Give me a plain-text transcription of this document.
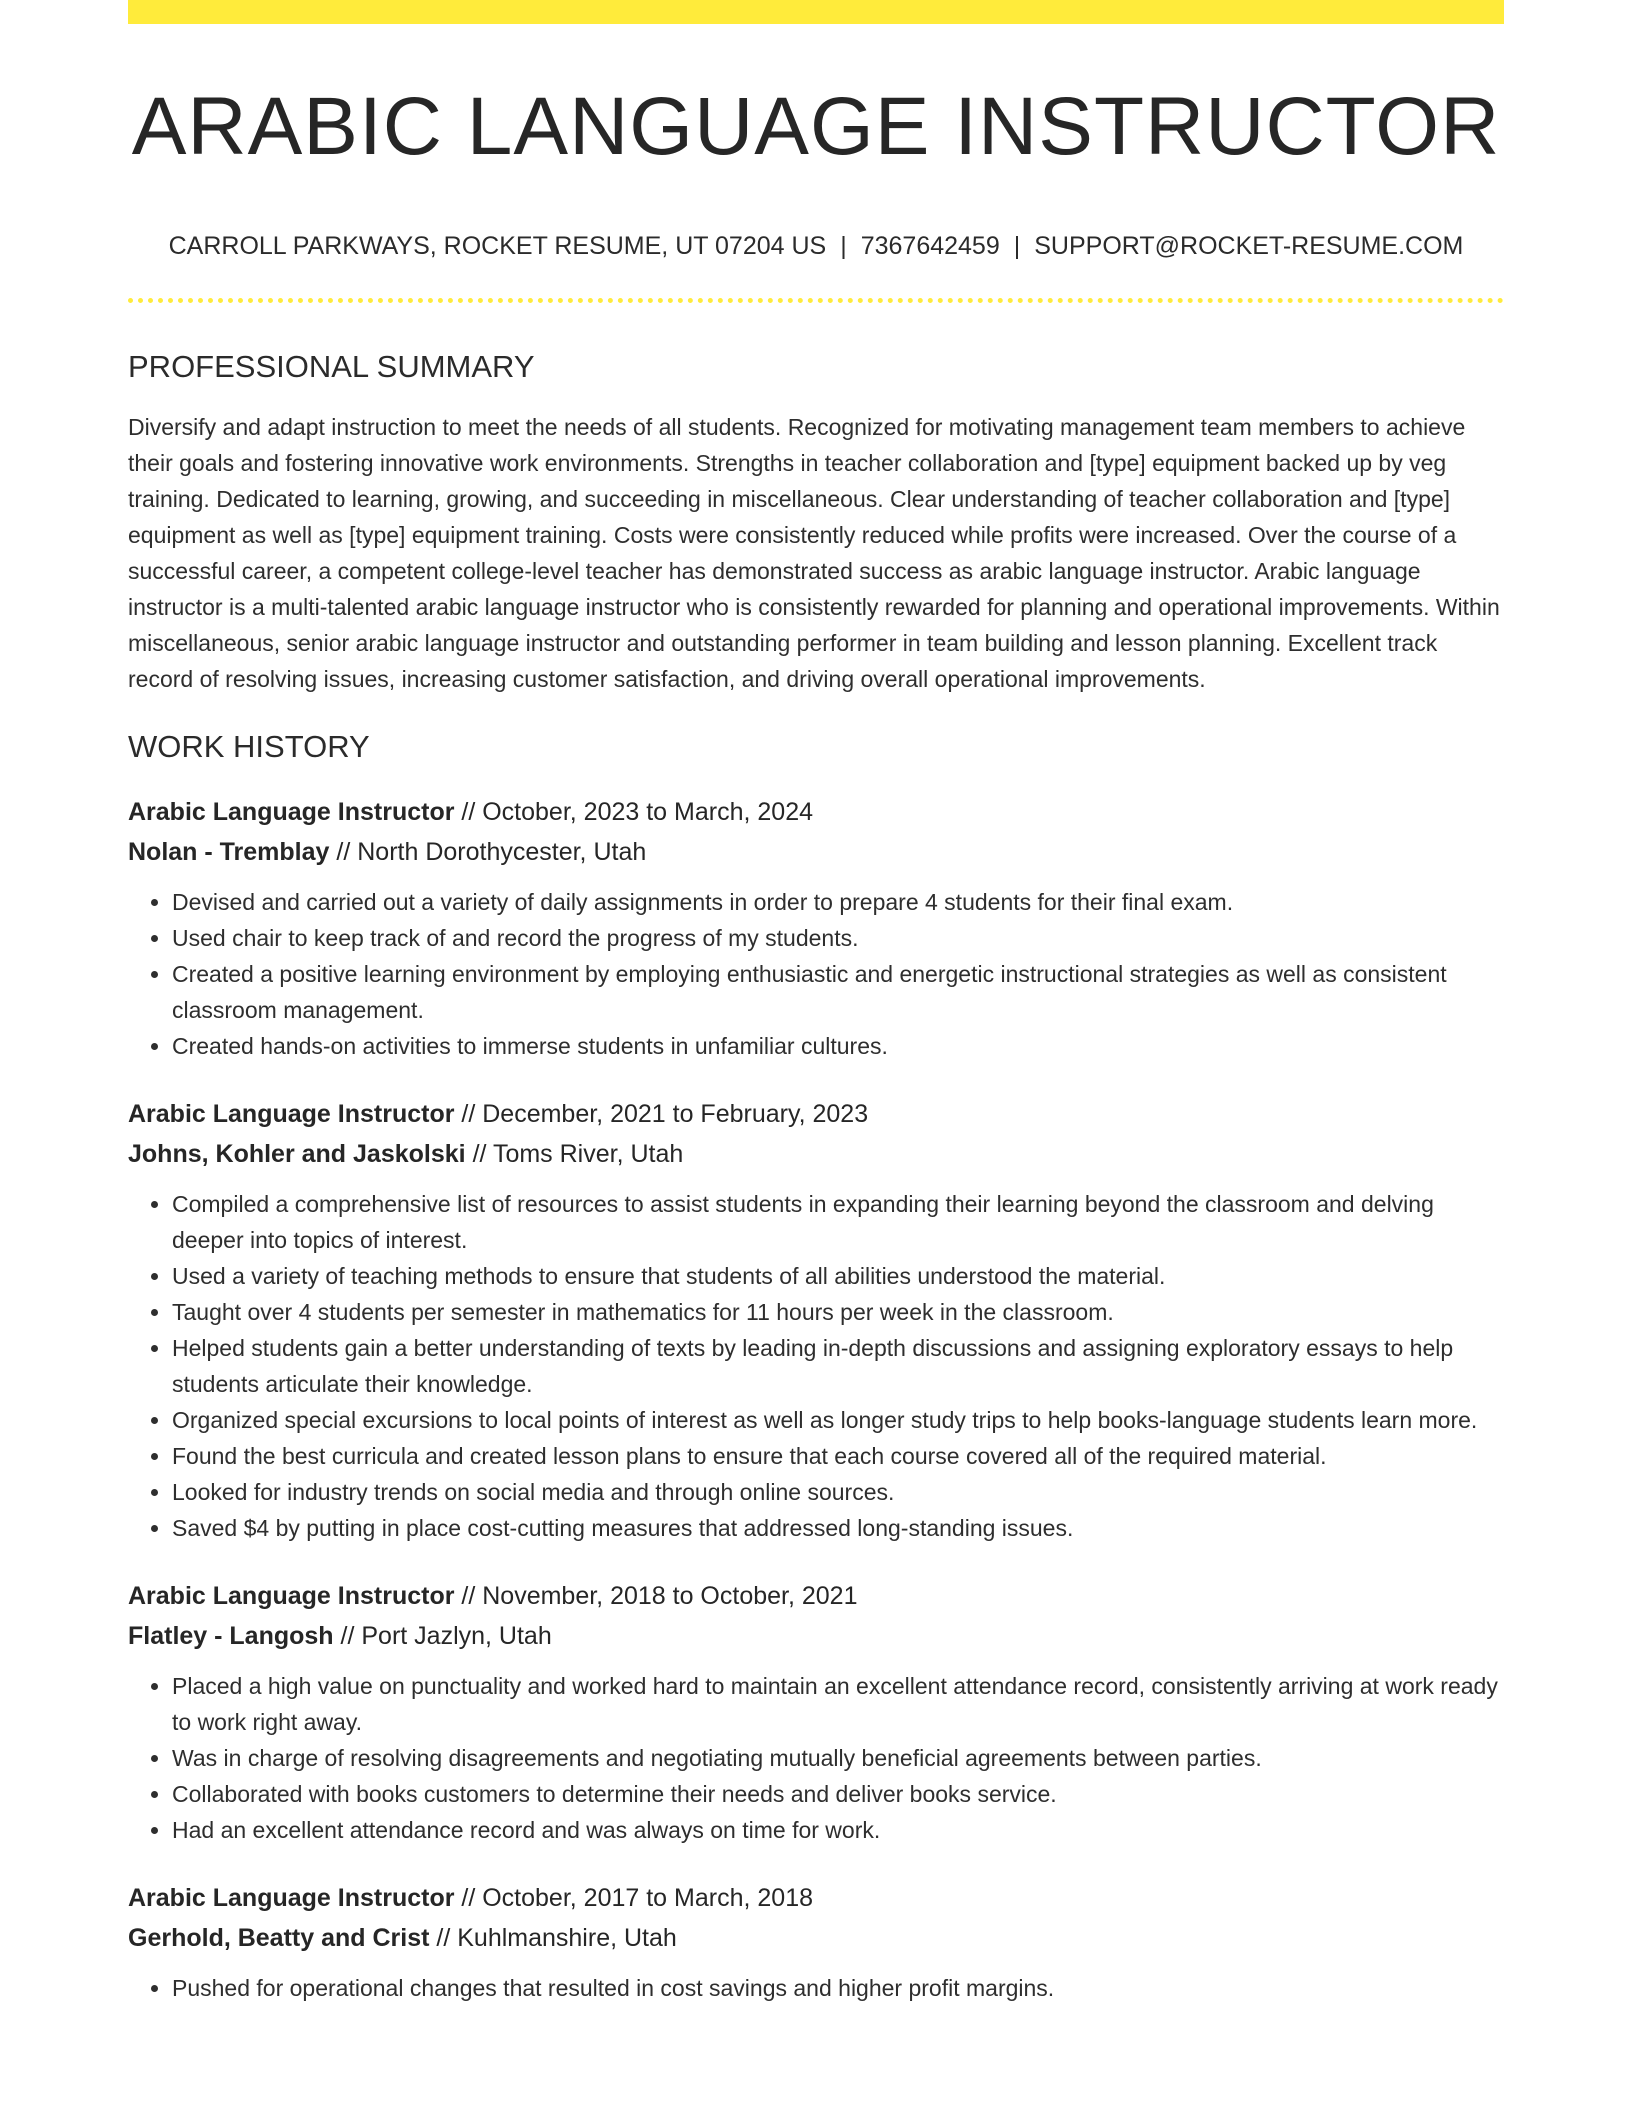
ARABIC LANGUAGE INSTRUCTOR
CARROLL PARKWAYS, ROCKET RESUME, UT 07204 US | 7367642459 | SUPPORT@ROCKET-RESUME.COM
PROFESSIONAL SUMMARY

Diversify and adapt instruction to meet the needs of all students. Recognized for motivating management team members to achieve their goals and fostering innovative work environments. Strengths in teacher collaboration and [type] equipment backed up by veg training. Dedicated to learning, growing, and succeeding in miscellaneous. Clear understanding of teacher collaboration and [type] equipment as well as [type] equipment training. Costs were consistently reduced while profits were increased. Over the course of a successful career, a competent college-level teacher has demonstrated success as arabic language instructor. Arabic language instructor is a multi-talented arabic language instructor who is consistently rewarded for planning and operational improvements. Within miscellaneous, senior arabic language instructor and outstanding performer in team building and lesson planning. Excellent track record of resolving issues, increasing customer satisfaction, and driving overall operational improvements.

WORK HISTORY
Arabic Language Instructor // October, 2023 to March, 2024
Nolan - Tremblay // North Dorothycester, Utah
• Devised and carried out a variety of daily assignments in order to prepare 4 students for their final exam.
• Used chair to keep track of and record the progress of my students.
• Created a positive learning environment by employing enthusiastic and energetic instructional strategies as well as consistent classroom management.
• Created hands-on activities to immerse students in unfamiliar cultures.
Arabic Language Instructor // December, 2021 to February, 2023
Johns, Kohler and Jaskolski // Toms River, Utah
• Compiled a comprehensive list of resources to assist students in expanding their learning beyond the classroom and delving deeper into topics of interest.
• Used a variety of teaching methods to ensure that students of all abilities understood the material.
• Taught over 4 students per semester in mathematics for 11 hours per week in the classroom.
• Helped students gain a better understanding of texts by leading in-depth discussions and assigning exploratory essays to help students articulate their knowledge.
• Organized special excursions to local points of interest as well as longer study trips to help books-language students learn more.
• Found the best curricula and created lesson plans to ensure that each course covered all of the required material.
• Looked for industry trends on social media and through online sources.
• Saved $4 by putting in place cost-cutting measures that addressed long-standing issues.
Arabic Language Instructor // November, 2018 to October, 2021
Flatley - Langosh // Port Jazlyn, Utah
• Placed a high value on punctuality and worked hard to maintain an excellent attendance record, consistently arriving at work ready to work right away.
• Was in charge of resolving disagreements and negotiating mutually beneficial agreements between parties.
• Collaborated with books customers to determine their needs and deliver books service.
• Had an excellent attendance record and was always on time for work.
Arabic Language Instructor // October, 2017 to March, 2018
Gerhold, Beatty and Crist // Kuhlmanshire, Utah
• Pushed for operational changes that resulted in cost savings and higher profit margins.
